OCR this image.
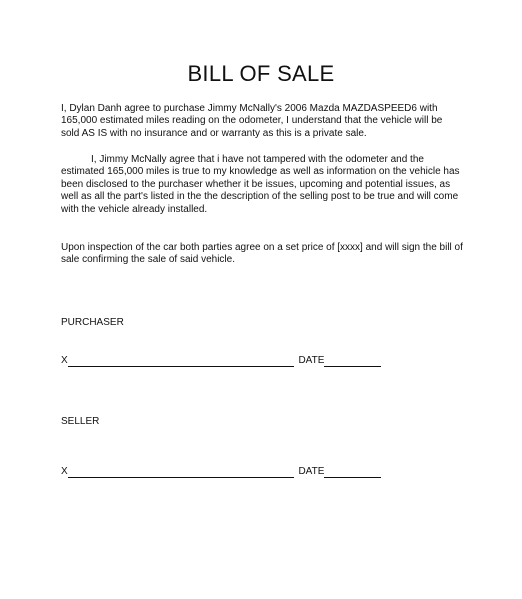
BILL OF SALE

I, Dylan Danh agree to purchase Jimmy McNally's 2006 Mazda MAZDASPEED6 with 165,000 estimated miles reading on the odometer, I understand that the vehicle will be sold AS IS with no insurance and or warranty as this is a private sale.

I, Jimmy McNally agree that i have not tampered with the odometer and the estimated 165,000 miles is true to my knowledge as well as information on the vehicle has been disclosed to the purchaser whether it be issues, upcoming and potential issues, as well as all the part's listed in the the description of the selling post to be true and will come with the vehicle already installed.

Upon inspection of the car both parties agree on a set price of [xxxx] and will sign the bill of sale confirming the sale of said vehicle.

PURCHASER

X	DATE

SELLER

X	DATE
